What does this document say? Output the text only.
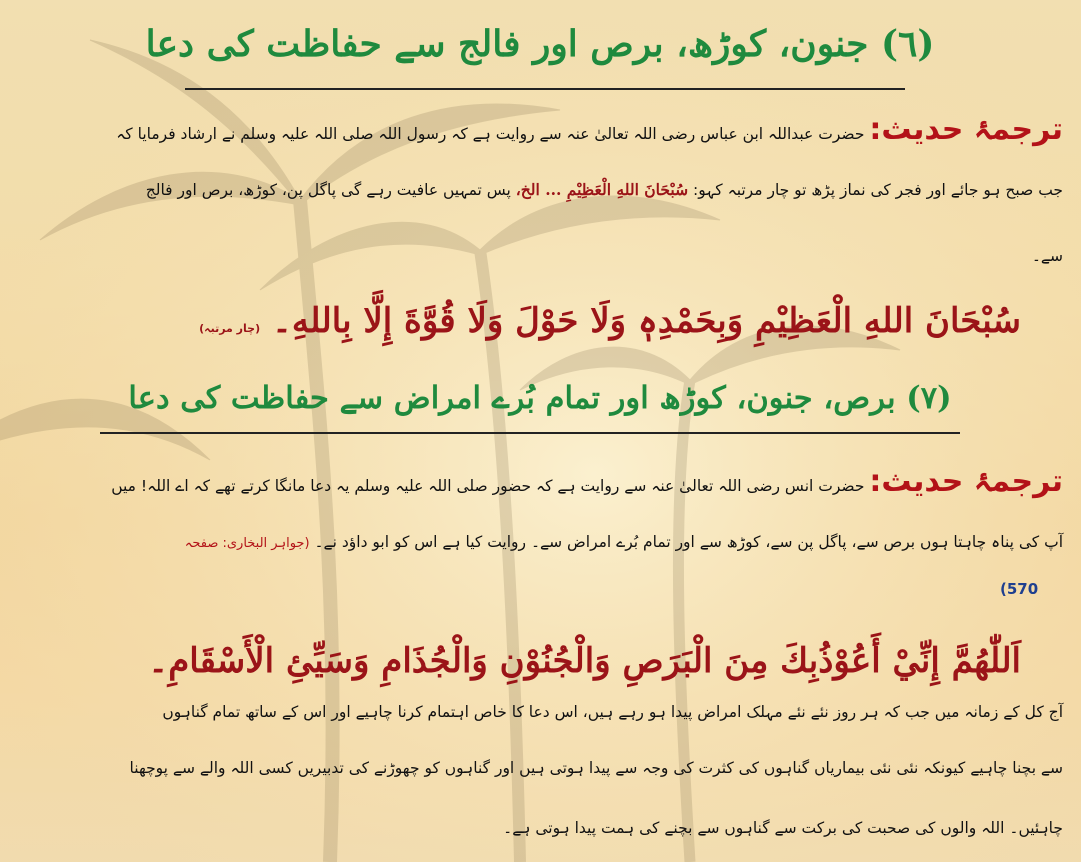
(٦) جنون، کوڑھ، برص اور فالج سے حفاظت کی دعا
ترجمۂ حدیث: حضرت عبداللہ ابن عباس رضی اللہ تعالیٰ عنہ سے روایت ہے کہ رسول اللہ صلی اللہ علیہ وسلم نے ارشاد فرمایا کہ
جب صبح ہو جائے اور فجر کی نماز پڑھ تو چار مرتبہ کہو: سُبْحَانَ اللهِ الْعَظِيْمِ ... الخ، پس تمہیں عافیت رہے گی پاگل پن، کوڑھ، برص اور فالج
سے۔
سُبْحَانَ اللهِ الْعَظِيْمِ وَبِحَمْدِهٖ وَلَا حَوْلَ وَلَا قُوَّةَ إِلَّا بِاللهِ۔ (چار مرتبہ)
(٧) برص، جنون، کوڑھ اور تمام بُرے امراض سے حفاظت کی دعا
ترجمۂ حدیث: حضرت انس رضی اللہ تعالیٰ عنہ سے روایت ہے کہ حضور صلی اللہ علیہ وسلم یہ دعا مانگا کرتے تھے کہ اے اللہ! میں
آپ کی پناہ چاہتا ہوں برص سے، پاگل پن سے، کوڑھ سے اور تمام بُرے امراض سے۔ روایت کیا ہے اس کو ابو داؤد نے۔ (جواہر البخاری: صفحہ
(570
اَللّٰهُمَّ إِنِّيْ أَعُوْذُبِكَ مِنَ الْبَرَصِ وَالْجُنُوْنِ وَالْجُذَامِ وَسَيِّئِ الْأَسْقَامِ۔
آج کل کے زمانہ میں جب کہ ہر روز نئے نئے مہلک امراض پیدا ہو رہے ہیں، اس دعا کا خاص اہتمام کرنا چاہیے اور اس کے ساتھ تمام گناہوں
سے بچنا چاہیے کیونکہ نئی نئی بیماریاں گناہوں کی کثرت کی وجہ سے پیدا ہوتی ہیں اور گناہوں کو چھوڑنے کی تدبیریں کسی اللہ والے سے پوچھنا
چاہئیں۔ اللہ والوں کی صحبت کی برکت سے گناہوں سے بچنے کی ہمت پیدا ہوتی ہے۔
